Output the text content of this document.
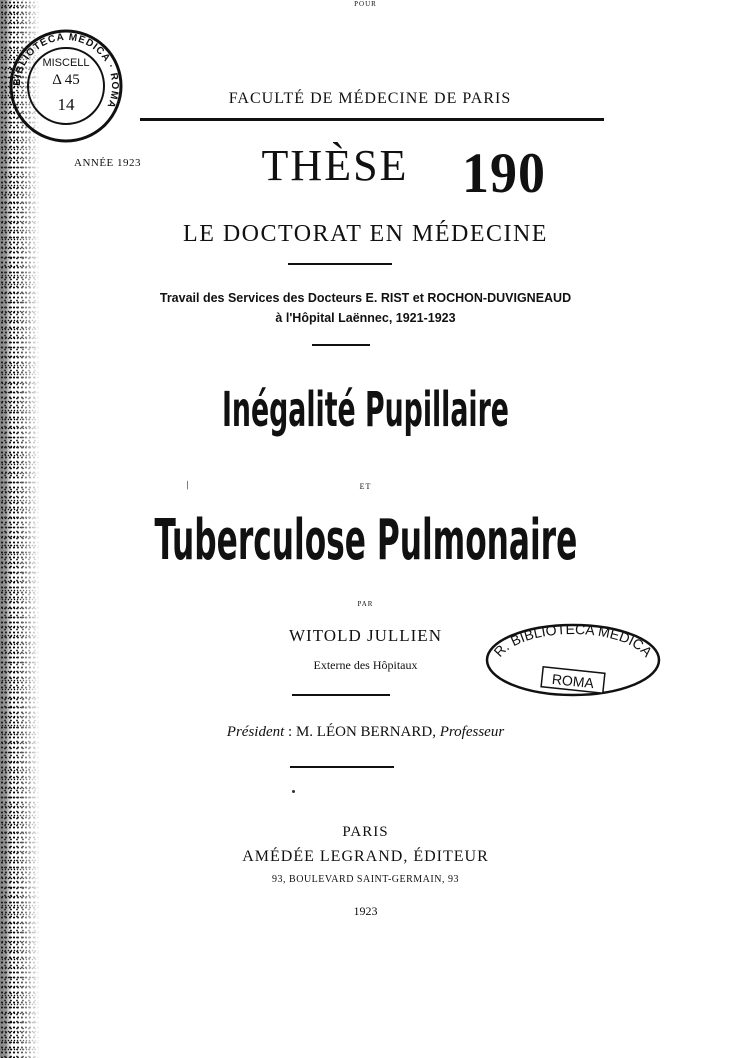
BIBLIOTECA MEDICA · ROMA
MISCELL
Δ 45
14	FACULTÉ DE MÉDECINE DE PARIS
ANNÉE 1923	THÈSE 190
POUR
LE DOCTORAT EN MÉDECINE
Travail des Services des Docteurs E. RIST et ROCHON-DUVIGNEAUD
à l'Hôpital Laënnec, 1921-1923
Inégalité Pupillaire
/	ET
Tuberculose Pulmonaire
PAR
WITOLD JULLIEN
Externe des Hôpitaux
R. BIBLIOTECA MEDICA
ROMA
Président : M. LÉON BERNARD, Professeur
PARIS
AMÉDÉE LEGRAND, ÉDITEUR
93, BOULEVARD SAINT-GERMAIN, 93
1923
